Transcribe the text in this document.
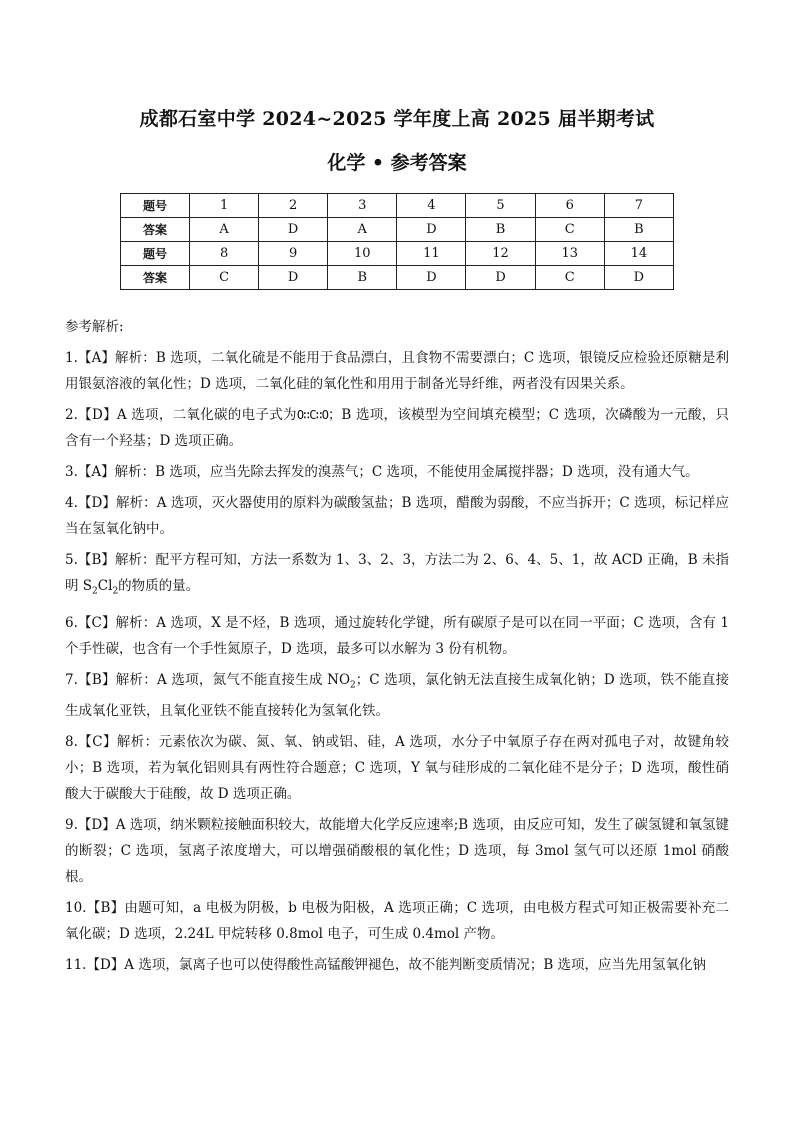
成都石室中学 2024~2025 学年度上高 2025 届半期考试
化学 • 参考答案
题号	1	2	3	4	5	6	7
答案	A	D	A	D	B	C	B
题号	8	9	10	11	12	13	14
答案	C	D	B	D	D	C	D
参考解析:

1.【A】解析：B 选项，二氧化硫是不能用于食品漂白，且食物不需要漂白；C 选项，银镜反应检验还原糖是利用银氨溶液的氧化性；D 选项，二氧化硅的氧化性和用用于制备光导纤维，两者没有因果关系。

2.【D】A 选项，二氧化碳的电子式为O∷C∷O；B 选项，该模型为空间填充模型；C 选项，次磷酸为一元酸，只含有一个羟基；D 选项正确。

3.【A】解析：B 选项，应当先除去挥发的溴蒸气；C 选项，不能使用金属搅拌器；D 选项，没有通大气。

4.【D】解析：A 选项，灭火器使用的原料为碳酸氢盐；B 选项，醋酸为弱酸，不应当拆开；C 选项，标记样应当在氢氧化钠中。

5.【B】解析：配平方程可知，方法一系数为 1、3、2、3，方法二为 2、6、4、5、1，故 ACD 正确，B 未指明 $S_2Cl_2$的物质的量。

6.【C】解析：A 选项，X 是不烃，B 选项，通过旋转化学键，所有碳原子是可以在同一平面；C 选项，含有 1 个手性碳，也含有一个手性氮原子，D 选项，最多可以水解为 3 份有机物。

7.【B】解析：A 选项，氮气不能直接生成 $NO_2$；C 选项，氯化钠无法直接生成氧化钠；D 选项，铁不能直接生成氧化亚铁，且氧化亚铁不能直接转化为氢氧化铁。

8.【C】解析：元素依次为碳、氮、氧、钠或铝、硅，A 选项，水分子中氧原子存在两对孤电子对，故键角较小；B 选项，若为氧化铝则具有两性符合题意；C 选项，Y 氧与硅形成的二氧化硅不是分子；D 选项，酸性硝酸大于碳酸大于硅酸，故 D 选项正确。

9.【D】A 选项，纳米颗粒接触面积较大，故能增大化学反应速率;B 选项，由反应可知，发生了碳氢键和氧氢键的断裂；C 选项，氢离子浓度增大，可以增强硝酸根的氧化性；D 选项，每 3mol 氢气可以还原 1mol 硝酸根。

10.【B】由题可知，a 电极为阴极，b 电极为阳极，A 选项正确；C 选项，由电极方程式可知正极需要补充二氧化碳；D 选项，2.24L 甲烷转移 0.8mol 电子，可生成 0.4mol 产物。

11.【D】A 选项，氯离子也可以使得酸性高锰酸钾褪色，故不能判断变质情况；B 选项，应当先用氢氧化钠
